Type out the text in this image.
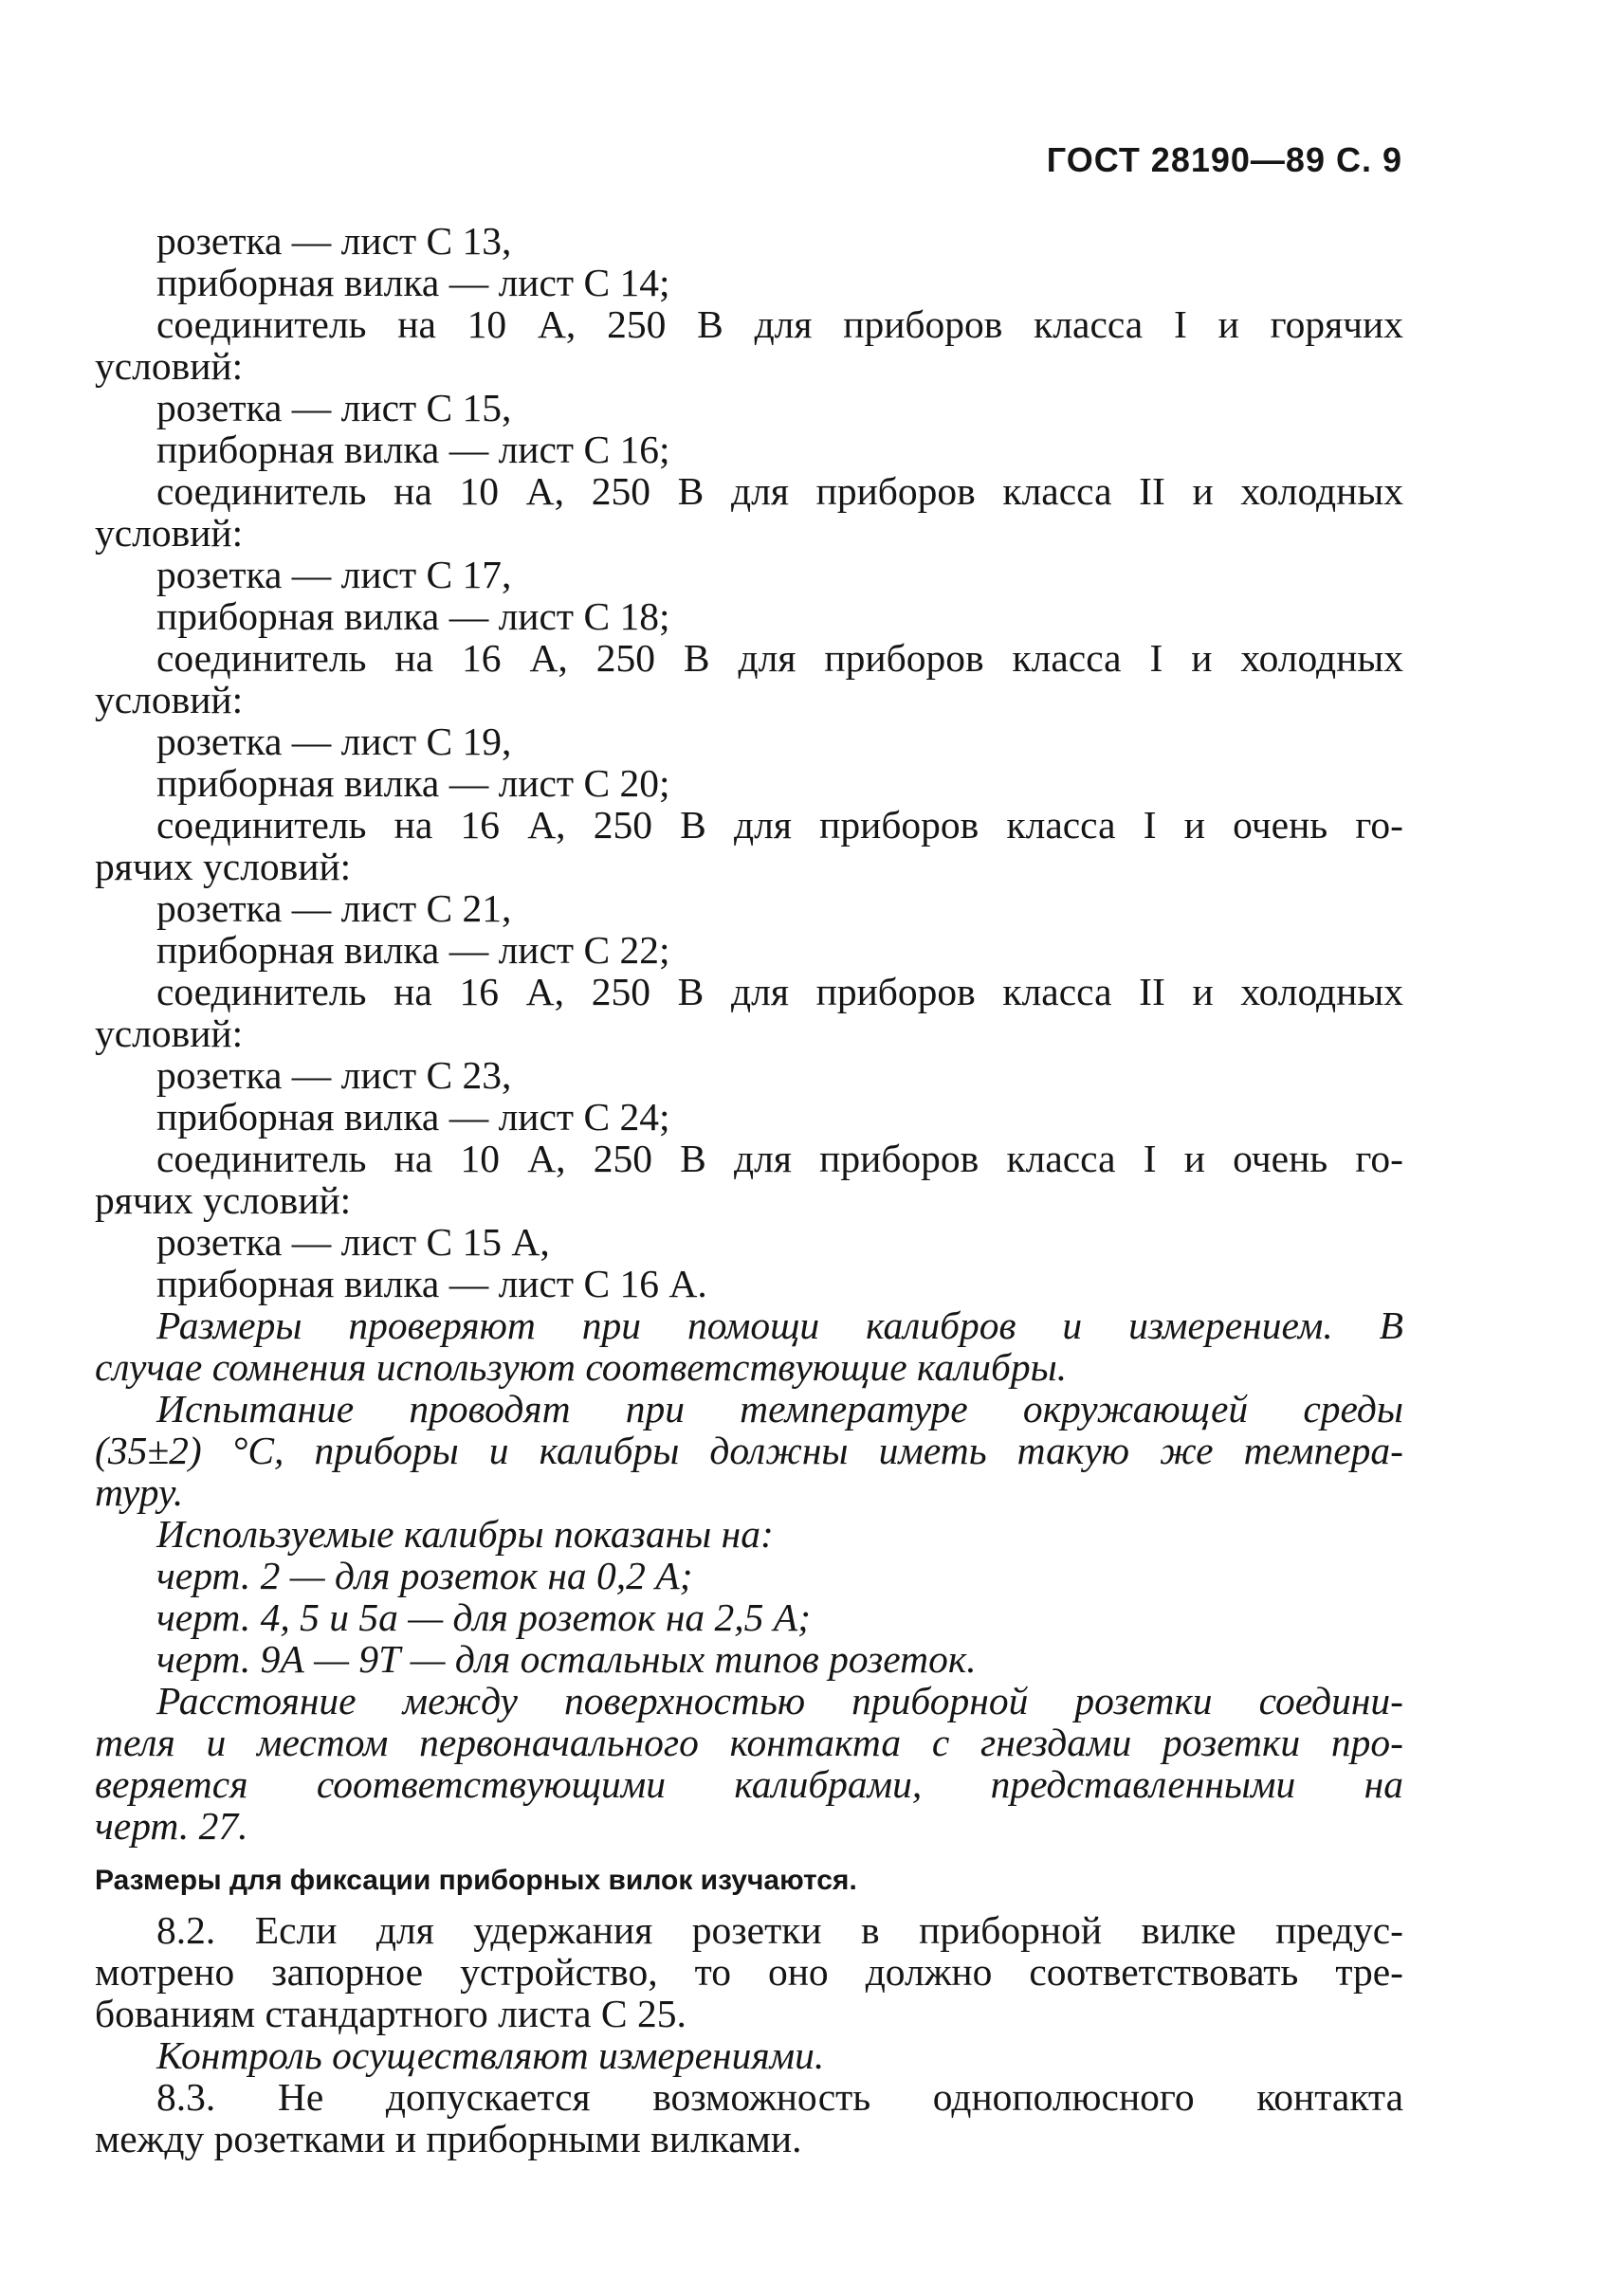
ГОСТ 28190—89 С. 9
розетка — лист С 13,
приборная вилка — лист С 14;
соединитель на 10 А, 250 В для приборов класса I и горячих
условий:
розетка — лист С 15,
приборная вилка — лист С 16;
соединитель на 10 А, 250 В для приборов класса II и холодных
условий:
розетка — лист С 17,
приборная вилка — лист С 18;
соединитель на 16 А, 250 В для приборов класса I и холодных
условий:
розетка — лист С 19,
приборная вилка — лист С 20;
соединитель на 16 А, 250 В для приборов класса I и очень го-
рячих условий:
розетка — лист С 21,
приборная вилка — лист С 22;
соединитель на 16 А, 250 В для приборов класса II и холодных
условий:
розетка — лист С 23,
приборная вилка — лист С 24;
соединитель на 10 А, 250 В для приборов класса I и очень го-
рячих условий:
розетка — лист С 15 А,
приборная вилка — лист С 16 А.
Размеры проверяют при помощи калибров и измерением. В
случае сомнения используют соответствующие калибры.
Испытание проводят при температуре окружающей среды
(35±2) °С, приборы и калибры должны иметь такую же темпера-
туру.
Используемые калибры показаны на:
черт. 2 — для розеток на 0,2 А;
черт. 4, 5 и 5а — для розеток на 2,5 А;
черт. 9А — 9Т — для остальных типов розеток.
Расстояние между поверхностью приборной розетки соедини-
теля и местом первоначального контакта с гнездами розетки про-
веряется соответствующими калибрами, представленными на
черт. 27.
Размеры для фиксации приборных вилок изучаются.
8.2. Если для удержания розетки в приборной вилке предус-
мотрено запорное устройство, то оно должно соответствовать тре-
бованиям стандартного листа С 25.
Контроль осуществляют измерениями.
8.3. Не допускается возможность однополюсного контакта
между розетками и приборными вилками.
